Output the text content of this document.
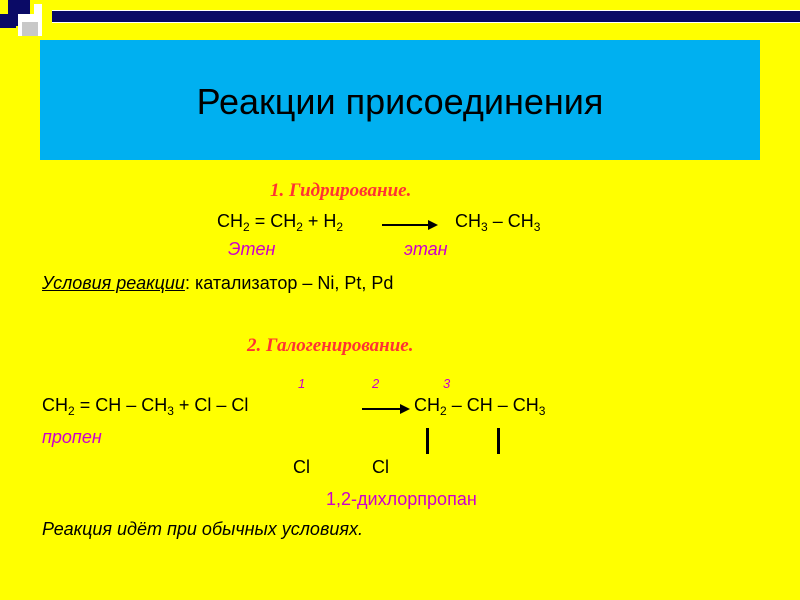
Реакции присоединения
1. Гидрирование.
$CH_2 = CH_2 + H_2 \to CH_3 - CH_3$
Этен	этан
Условия реакции: катализатор – Ni, Pt, Pd
2. Галогенирование.
1	2	3
$CH_2$ = CH – $CH_3 + Cl - Cl$	→ $CH_2$ – CH – $CH_3$
пропен
Cl	Cl
1,2-дихлорпропан
Реакция идёт при обычных условиях.
